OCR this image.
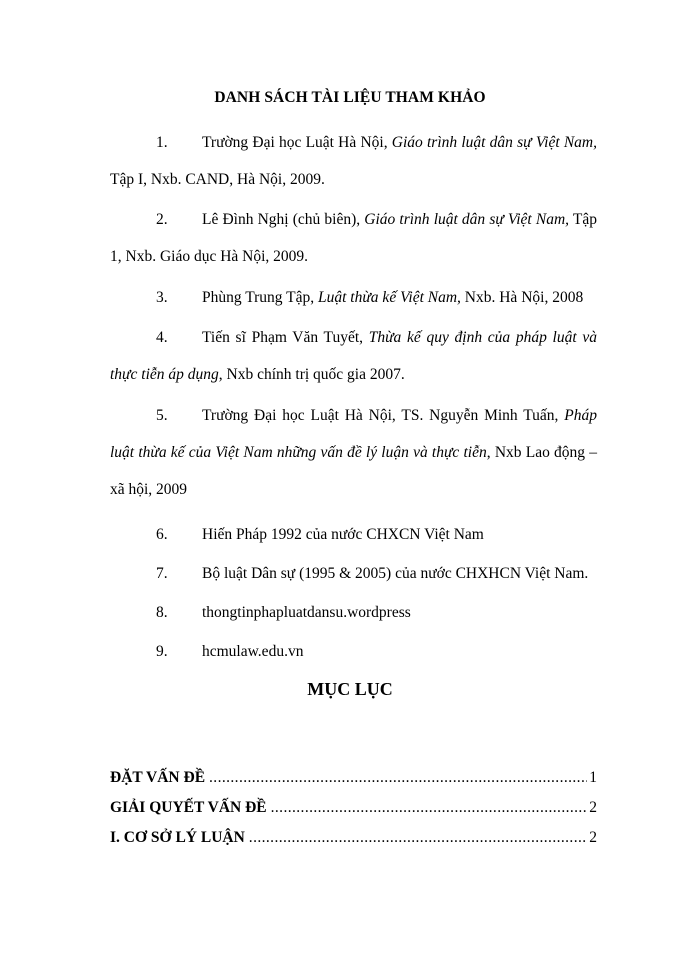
DANH SÁCH TÀI LIỆU THAM KHẢO

1. Trường Đại học Luật Hà Nội, Giáo trình luật dân sự Việt Nam, Tập I, Nxb. CAND, Hà Nội, 2009.

2. Lê Đình Nghị (chủ biên), Giáo trình luật dân sự Việt Nam, Tập 1, Nxb. Giáo dục Hà Nội, 2009.

3. Phùng Trung Tập, Luật thừa kế Việt Nam, Nxb. Hà Nội, 2008

4. Tiến sĩ Phạm Văn Tuyết, Thừa kế quy định của pháp luật và thực tiễn áp dụng, Nxb chính trị quốc gia 2007.

5. Trường Đại học Luật Hà Nội, TS. Nguyễn Minh Tuấn, Pháp luật thừa kế của Việt Nam những vấn đề lý luận và thực tiễn, Nxb Lao động – xã hội, 2009

6. Hiến Pháp 1992 của nước CHXCN Việt Nam

7. Bộ luật Dân sự (1995 & 2005) của nước CHXHCN Việt Nam.

8. thongtinphapluatdansu.wordpress

9. hcmulaw.edu.vn

MỤC LỤC
ĐẶT VẤN ĐỀ .....	1
GIẢI QUYẾT VẤN ĐỀ .....	2
I. CƠ SỞ LÝ LUẬN .....	2
